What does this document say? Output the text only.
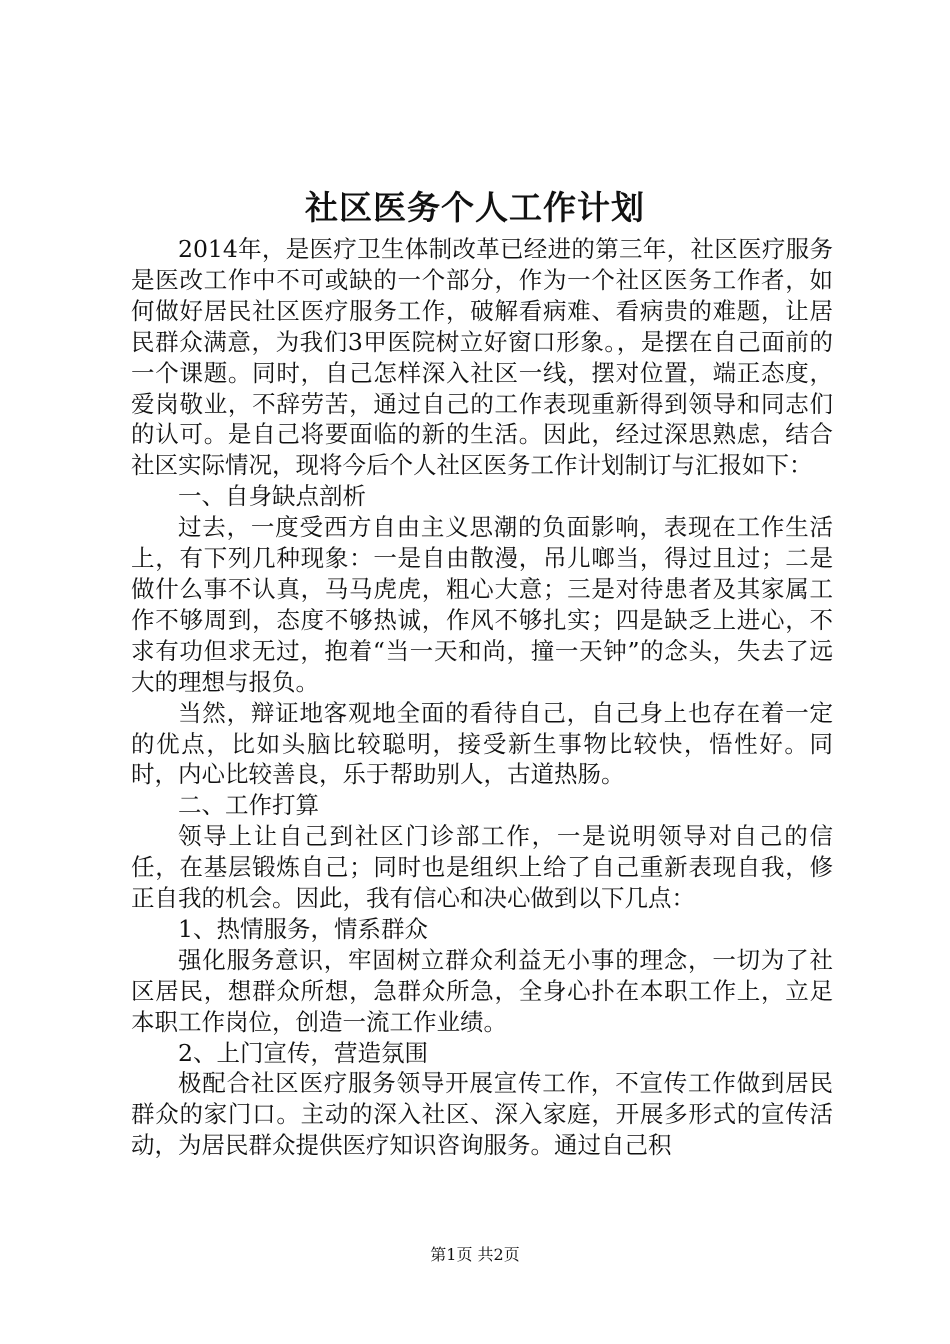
社区医务个人工作计划

2014年，是医疗卫生体制改革已经进的第三年，社区医疗服务是医改工作中不可或缺的一个部分，作为一个社区医务工作者，如何做好居民社区医疗服务工作，破解看病难、看病贵的难题，让居民群众满意，为我们3甲医院树立好窗口形象。，是摆在自己面前的一个课题。同时，自己怎样深入社区一线，摆对位置，端正态度，爱岗敬业，不辞劳苦，通过自己的工作表现重新得到领导和同志们的认可。是自己将要面临的新的生活。因此，经过深思熟虑，结合社区实际情况，现将今后个人社区医务工作计划制订与汇报如下：

一、自身缺点剖析

过去，一度受西方自由主义思潮的负面影响，表现在工作生活上，有下列几种现象：一是自由散漫，吊儿啷当，得过且过；二是做什么事不认真，马马虎虎，粗心大意；三是对待患者及其家属工作不够周到，态度不够热诚，作风不够扎实；四是缺乏上进心，不求有功但求无过，抱着“当一天和尚，撞一天钟”的念头，失去了远大的理想与报负。

当然，辩证地客观地全面的看待自己，自己身上也存在着一定的优点，比如头脑比较聪明，接受新生事物比较快，悟性好。同时，内心比较善良，乐于帮助别人，古道热肠。

二、工作打算

领导上让自己到社区门诊部工作，一是说明领导对自己的信任，在基层锻炼自己；同时也是组织上给了自己重新表现自我，修正自我的机会。因此，我有信心和决心做到以下几点：

1、热情服务，情系群众

强化服务意识，牢固树立群众利益无小事的理念，一切为了社区居民，想群众所想，急群众所急，全身心扑在本职工作上，立足本职工作岗位，创造一流工作业绩。

2、上门宣传，营造氛围

极配合社区医疗服务领导开展宣传工作，不宣传工作做到居民群众的家门口。主动的深入社区、深入家庭，开展多形式的宣传活动，为居民群众提供医疗知识咨询服务。通过自己积

第1页 共2页
